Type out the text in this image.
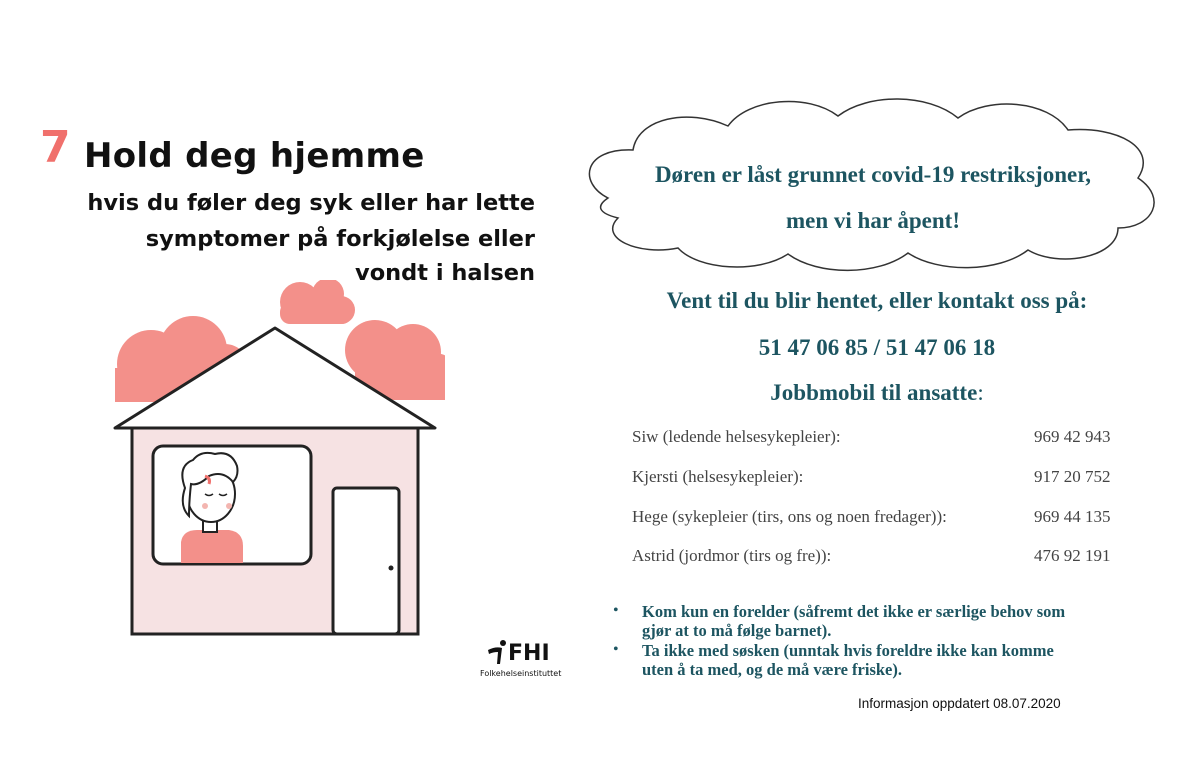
7 Hold deg hjemme
hvis du føler deg syk eller har lette
symptomer på forkjølelse eller
vondt i halsen
FHI
Folkehelseinstituttet
Døren er låst grunnet covid-19 restriksjoner,
men vi har åpent!
Vent til du blir hentet, eller kontakt oss på:
51 47 06 85 / 51 47 06 18
Jobbmobil til ansatte:
Siw (ledende helsesykepleier):	969 42 943
Kjersti (helsesykepleier):	917 20 752
Hege (sykepleier (tirs, ons og noen fredager)):	969 44 135
Astrid (jordmor (tirs og fre)):	476 92 191
• Kom kun en forelder (såfremt det ikke er særlige behov som
gjør at to må følge barnet).
• Ta ikke med søsken (unntak hvis foreldre ikke kan komme
uten å ta med, og de må være friske).
Informasjon oppdatert 08.07.2020
